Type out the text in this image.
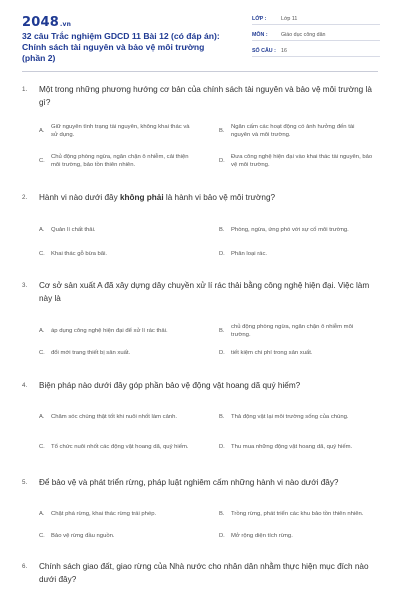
2048.vn
32 câu Trắc nghiệm GDCD 11 Bài 12 (có đáp án): Chính sách tài nguyên và bảo vệ môi trường (phần 2)
LỚP :	Lớp 11
MÔN :	Giáo dục công dân
SỐ CÂU : 16
1.	Một trong những phương hướng cơ bản của chính sách tài nguyên và bảo vệ môi trường là gì?
A.
Giữ nguyên tình trạng tài nguyên, không khai thác và sử dụng.
B.
Ngăn cấm các hoạt động có ảnh hưởng đến tài nguyên và môi trường.
C.
Chủ động phòng ngừa, ngăn chặn ô nhiễm, cải thiện môi trường, bảo tồn thiên nhiên.
D.
Đưa công nghệ hiện đại vào khai thác tài nguyên, bảo vệ môi trường.
2.	Hành vi nào dưới đây không phải là hành vi bảo vệ môi trường?
A.	Quản lí chất thải.	B.	Phòng, ngừa, ứng phó với sự cố môi trường.
C.	Khai thác gỗ bừa bãi.	D.	Phân loại rác.
3.	Cơ sở sản xuất A đã xây dựng dây chuyền xử lí rác thải bằng công nghệ hiện đại. Việc làm này là
A.	áp dụng công nghệ hiện đại để xử lí rác thải.	B.
chủ động phòng ngừa, ngăn chặn ô nhiễm môi trường.
C.	đổi mới trang thiết bị sản xuất.	D.	tiết kiệm chi phí trong sản xuất.
4.	Biện pháp nào dưới đây góp phần bảo vệ động vật hoang dã quý hiếm?
A.	Chăm sóc chúng thật tốt khi nuôi nhốt làm cảnh.	B.	Thả động vật lại môi trường sống của chúng.
C.	Tổ chức nuôi nhốt các động vật hoang dã, quý hiếm.	D.	Thu mua những động vật hoang dã, quý hiếm.
5.	Để bảo vệ và phát triển rừng, pháp luật nghiêm cấm những hành vi nào dưới đây?
A.	Chặt phá rừng, khai thác rừng trái phép.	B.	Trồng rừng, phát triển các khu bảo tồn thiên nhiên.
C.	Bảo vệ rừng đầu nguồn.	D.	Mở rộng diện tích rừng.
6.	Chính sách giao đất, giao rừng của Nhà nước cho nhân dân nhằm thực hiện mục đích nào dưới đây?
